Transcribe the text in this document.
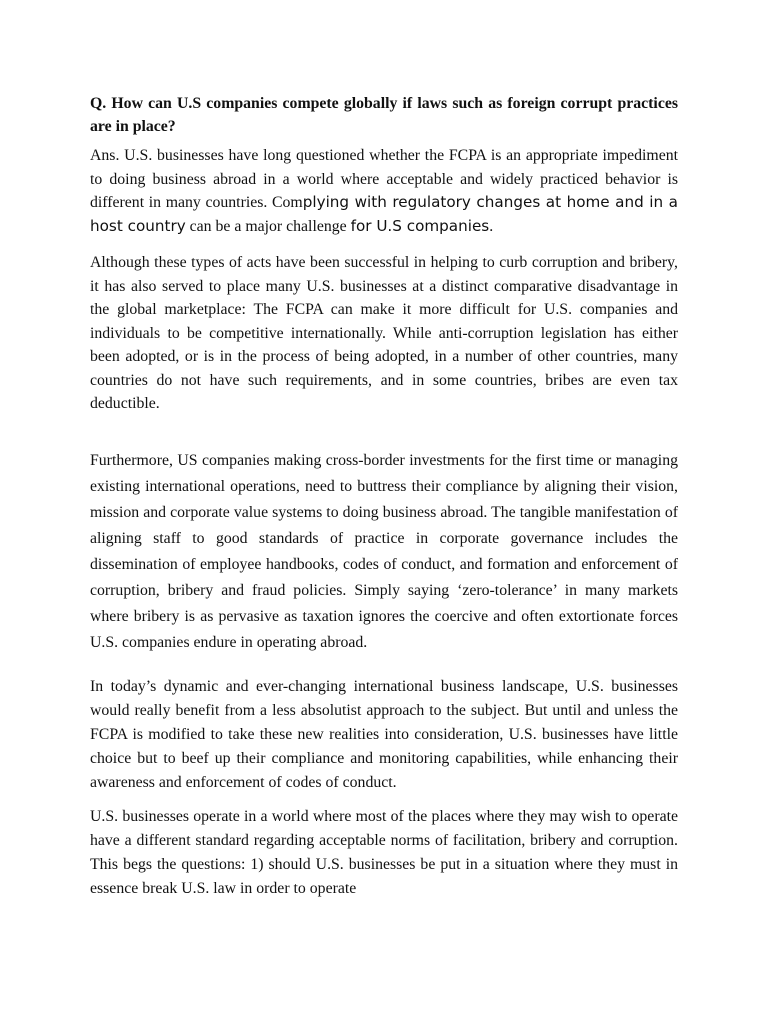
Q. How can U.S companies compete globally if laws such as foreign corrupt practices are in place?

Ans. U.S. businesses have long questioned whether the FCPA is an appropriate impediment to doing business abroad in a world where acceptable and widely practiced behavior is different in many countries. Complying with regulatory changes at home and in a host country can be a major challenge for U.S companies.

Although these types of acts have been successful in helping to curb corruption and bribery, it has also served to place many U.S. businesses at a distinct comparative disadvantage in the global marketplace: The FCPA can make it more difficult for U.S. companies and individuals to be competitive internationally. While anti-corruption legislation has either been adopted, or is in the process of being adopted, in a number of other countries, many countries do not have such requirements, and in some countries, bribes are even tax deductible.

Furthermore, US companies making cross-border investments for the first time or managing existing international operations, need to buttress their compliance by aligning their vision, mission and corporate value systems to doing business abroad. The tangible manifestation of aligning staff to good standards of practice in corporate governance includes the dissemination of employee handbooks, codes of conduct, and formation and enforcement of corruption, bribery and fraud policies. Simply saying ‘zero-tolerance’ in many markets where bribery is as pervasive as taxation ignores the coercive and often extortionate forces U.S. companies endure in operating abroad.

In today’s dynamic and ever-changing international business landscape, U.S. businesses would really benefit from a less absolutist approach to the subject. But until and unless the FCPA is modified to take these new realities into consideration, U.S. businesses have little choice but to beef up their compliance and monitoring capabilities, while enhancing their awareness and enforcement of codes of conduct.

U.S. businesses operate in a world where most of the places where they may wish to operate have a different standard regarding acceptable norms of facilitation, bribery and corruption. This begs the questions: 1) should U.S. businesses be put in a situation where they must in essence break U.S. law in order to operate
